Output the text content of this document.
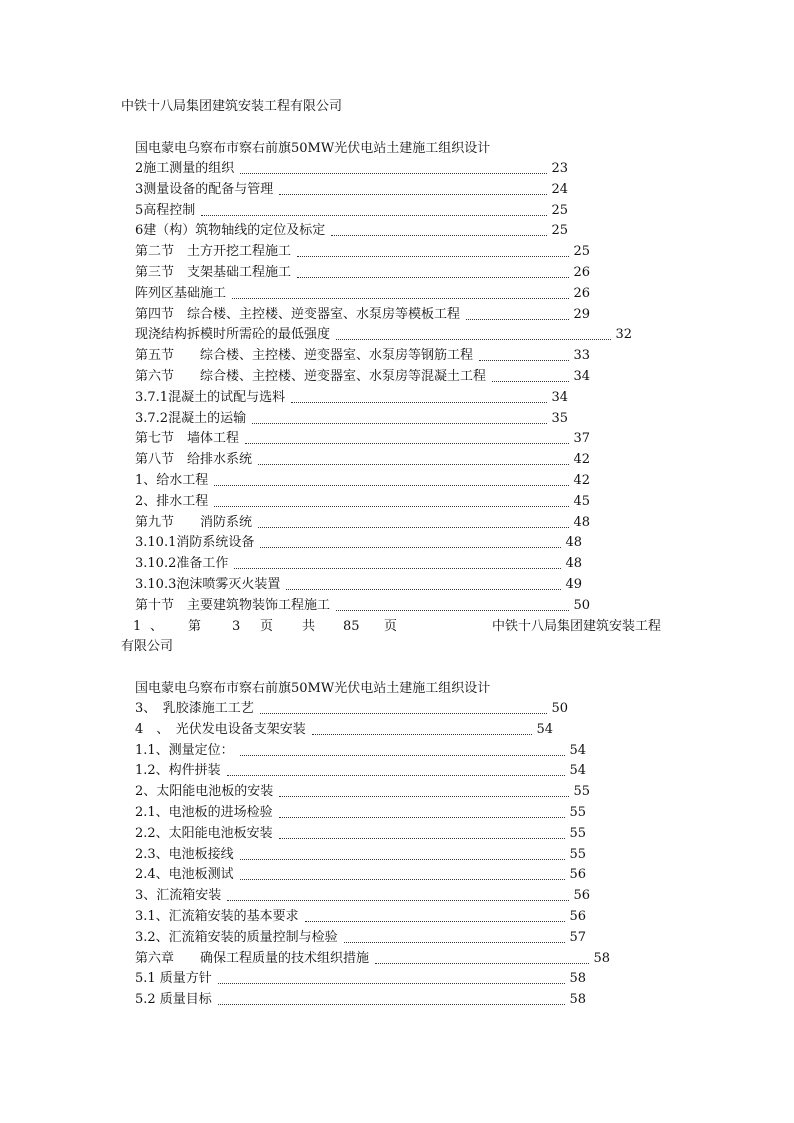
中铁十八局集团建筑安装工程有限公司
国电蒙电乌察布市察右前旗50MW光伏电站土建施工组织设计
2施工测量的组织	23
3测量设备的配备与管理	24
5高程控制	25
6建（构）筑物轴线的定位及标定	25
第二节　土方开挖工程施工	25
第三节　支架基础工程施工	26
阵列区基础施工	26
第四节　综合楼、主控楼、逆变器室、水泵房等模板工程	29
现浇结构拆模时所需砼的最低强度	32
第五节　　综合楼、主控楼、逆变器室、水泵房等钢筋工程	33
第六节　　综合楼、主控楼、逆变器室、水泵房等混凝土工程	34
3.7.1混凝土的试配与选料	34
3.7.2混凝土的运输	35
第七节　墙体工程	37
第八节　给排水系统	42
1、给水工程	42
2、排水工程	45
第九节　　消防系统	48
3.10.1消防系统设备	48
3.10.2准备工作	48
3.10.3泡沫喷雾灭火装置	49
第十节　主要建筑物装饰工程施工	50
1 、 第 3 页 共 85 页	中铁十八局集团建筑安装工程
有限公司
国电蒙电乌察布市察右前旗50MW光伏电站土建施工组织设计
3、　乳胶漆施工工艺	50
4　、　光伏发电设备支架安装	54
1.1、测量定位：	54
1.2、构件拼装	54
2、太阳能电池板的安装	55
2.1、电池板的进场检验	55
2.2、太阳能电池板安装	55
2.3、电池板接线	55
2.4、电池板测试	56
3、汇流箱安装	56
3.1、汇流箱安装的基本要求	56
3.2、汇流箱安装的质量控制与检验	57
第六章　　确保工程质量的技术组织措施	58
5.1 质量方针	58
5.2 质量目标	58
